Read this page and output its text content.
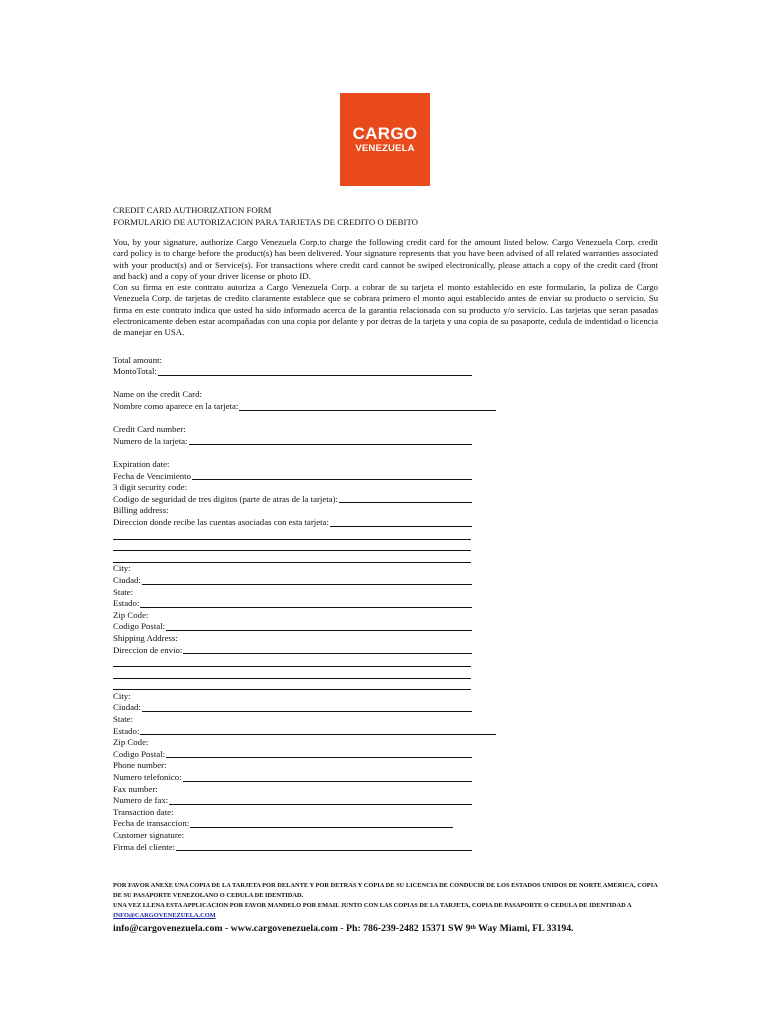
CARGO
VENEZUELA
CREDIT CARD AUTHORIZATION FORM
FORMULARIO DE AUTORIZACION PARA TARJETAS DE CREDITO O DEBITO

You, by your signature, authorize Cargo Venezuela Corp.to charge the following credit card for the amount listed below. Cargo Venezuela Corp. credit card policy is to charge before the product(s) has been delivered. Your signature represents that you have been advised of all related warranties associated with your product(s) and or Service(s). For transactions where credit card cannot be swiped electronically, please attach a copy of the credit card (front and back) and a copy of your driver license or photo ID.

Con su firma en este contrato autoriza a Cargo Venezuela Corp. a cobrar de su tarjeta el monto establecido en este formulario, la poliza de Cargo Venezuela Corp. de tarjetas de credito claramente establece que se cobrara primero el monto aqui establecido antes de enviar su producto o servicio. Su firma en este contrato indica que usted ha sido informado acerca de la garantia relacionada con su producto y/o servicio. Las tarjetas que seran pasadas electronicamente deben estar acompañadas con una copia por delante y por detras de la tarjeta y una copia de su pasaporte, cedula de indentidad o licencia de manejar en USA.

Total amount:
MontoTotal:
Name on the credit Card:
Nombre como aparece en la tarjeta:
Credit Card number:
Numero de la tarjeta:
Expiration date:
Fecha de Vencimiento
3 digit security code:
Codigo de seguridad de tres digitos (parte de atras de la tarjeta):
Billing address:
Direccion donde recibe las cuentas asociadas con esta tarjeta:
City:
Ciudad:
State:
Estado:
Zip Code:
Codigo Postal:
Shipping Address:
Direccion de envio:
City:
Ciudad:
State:
Estado:
Zip Code:
Codigo Postal:
Phone number:
Numero telefonico:
Fax number:
Numero de fax:
Transaction date:
Fecha de transaccion:
Customer signature:
Firma del cliente:

POR FAVOR ANEXE UNA COPIA DE LA TARJETA POR DELANTE Y POR DETRAS Y COPIA DE SU LICENCIA DE CONDUCIR DE LOS ESTADOS UNIDOS DE NORTE AMERICA, COPIA DE SU PASAPORTE VENEZOLANO O CEDULA DE IDENTIDAD.

UNA VEZ LLENA ESTA APPLICACION POR FAVOR MANDELO POR EMAIL JUNTO CON LAS COPIAS DE LA TARJETA, COPIA DE PASAPORTE O CEDULA DE IDENTIDAD A INFO@CARGOVENEZUELA.COM

info@cargovenezuela.com - www.cargovenezuela.com - Ph: 786-239-2482 15371 SW 9th Way Miami, FL 33194.
